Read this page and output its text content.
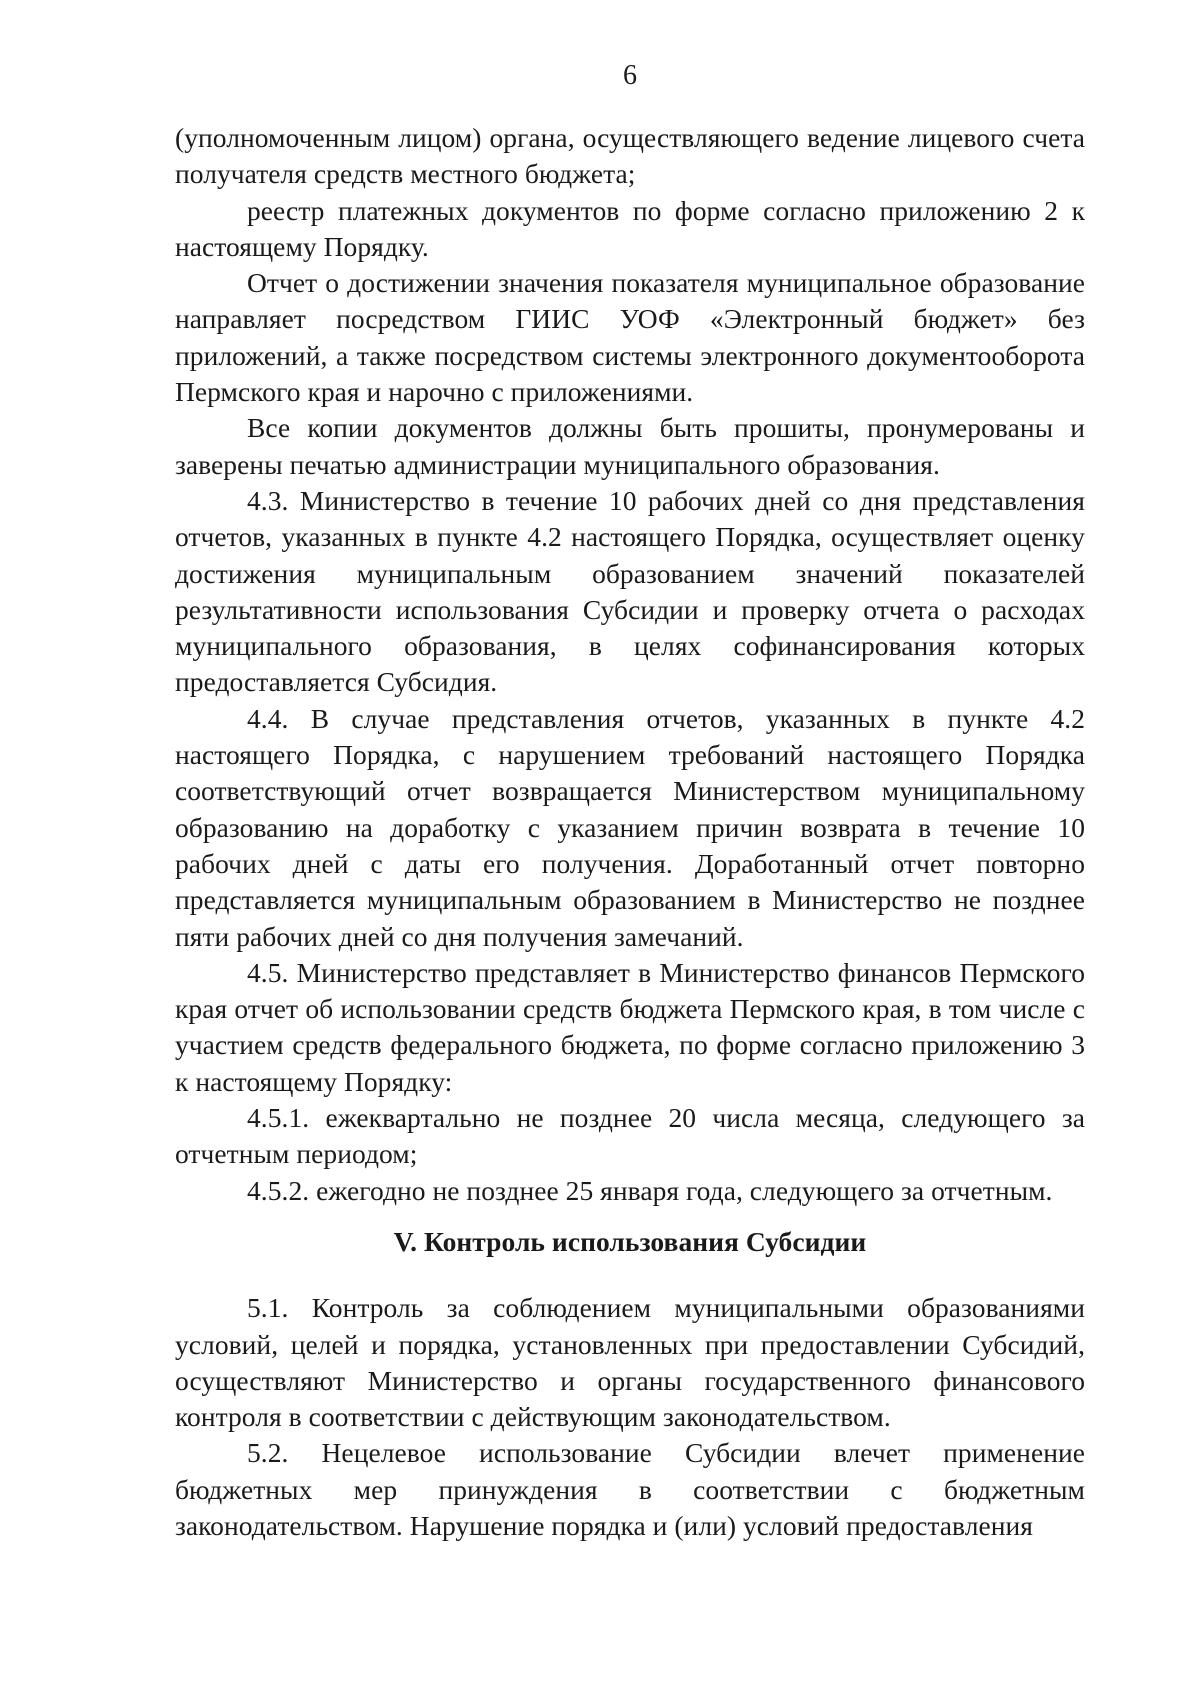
6

(уполномоченным лицом) органа, осуществляющего ведение лицевого счета получателя средств местного бюджета;

реестр платежных документов по форме согласно приложению 2 к настоящему Порядку.

Отчет о достижении значения показателя муниципальное образование направляет посредством ГИИС УОФ «Электронный бюджет» без приложений, а также посредством системы электронного документооборота Пермского края и нарочно с приложениями.

Все копии документов должны быть прошиты, пронумерованы и заверены печатью администрации муниципального образования.

4.3. Министерство в течение 10 рабочих дней со дня представления отчетов, указанных в пункте 4.2 настоящего Порядка, осуществляет оценку достижения муниципальным образованием значений показателей результативности использования Субсидии и проверку отчета о расходах муниципального образования, в целях софинансирования которых предоставляется Субсидия.

4.4. В случае представления отчетов, указанных в пункте 4.2 настоящего Порядка, с нарушением требований настоящего Порядка соответствующий отчет возвращается Министерством муниципальному образованию на доработку с указанием причин возврата в течение 10 рабочих дней с даты его получения. Доработанный отчет повторно представляется муниципальным образованием в Министерство не позднее пяти рабочих дней со дня получения замечаний.

4.5. Министерство представляет в Министерство финансов Пермского края отчет об использовании средств бюджета Пермского края, в том числе с участием средств федерального бюджета, по форме согласно приложению 3 к настоящему Порядку:

4.5.1. ежеквартально не позднее 20 числа месяца, следующего за отчетным периодом;

4.5.2. ежегодно не позднее 25 января года, следующего за отчетным.

V. Контроль использования Субсидии

5.1. Контроль за соблюдением муниципальными образованиями условий, целей и порядка, установленных при предоставлении Субсидий, осуществляют Министерство и органы государственного финансового контроля в соответствии с действующим законодательством.

5.2. Нецелевое использование Субсидии влечет применение бюджетных мер принуждения в соответствии с бюджетным законодательством. Нарушение порядка и (или) условий предоставления
